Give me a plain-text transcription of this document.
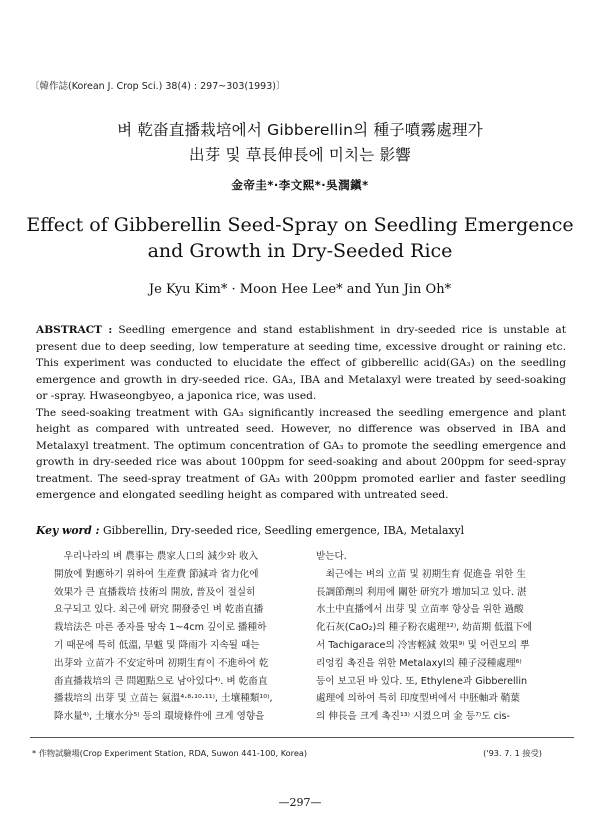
〔韓作誌(Korean J. Crop Sci.) 38(4) : 297~303(1993)〕
벼 乾畓直播栽培에서 Gibberellin의 種子噴霧處理가
出芽 및 草長伸長에 미치는 影響
金帝圭*·李文熙*·吳潤鎭*
Effect of Gibberellin Seed-Spray on Seedling Emergence
and Growth in Dry-Seeded Rice
Je Kyu Kim* · Moon Hee Lee* and Yun Jin Oh*

ABSTRACT : Seedling emergence and stand establishment in dry-seeded rice is unstable at present due to deep seeding, low temperature at seeding time, excessive drought or raining etc. This experiment was conducted to elucidate the effect of gibberellic acid(GA₃) on the seedling emergence and growth in dry-seeded rice. GA₃, IBA and Metalaxyl were treated by seed-soaking or -spray. Hwaseongbyeo, a japonica rice, was used.

The seed-soaking treatment with GA₃ significantly increased the seedling emergence and plant height as compared with untreated seed. However, no difference was observed in IBA and Metalaxyl treatment. The optimum concentration of GA₃ to promote the seedling emergence and growth in dry-seeded rice was about 100ppm for seed-soaking and about 200ppm for seed-spray treatment. The seed-spray treatment of GA₃ with 200ppm promoted earlier and faster seedling emergence and elongated seedling height as compared with untreated seed.

Key word : Gibberellin, Dry-seeded rice, Seedling emergence, IBA, Metalaxyl
　우리나라의 벼 農事는 農家人口의 減少와 收入
開放에 對應하기 위하여 生産費 節減과 省力化에
效果가 큰 直播栽培 技術의 開放, 普及이 절실히
요구되고 있다. 최근에 研究 開發중인 벼 乾畓直播
栽培法은 마른 종자를 땅속 1~4cm 깊이로 播種하
기 때문에 특히 低溫, 旱魃 및 降雨가 지속될 때는
出芽와 立苗가 不安定하며 初期生育이 不進하여 乾
畓直播栽培의 큰 問題點으로 남아있다⁴⁾. 벼 乾畓直
播栽培의 出芽 및 立苗는 氣溫⁴·⁸·¹⁰·¹¹⁾, 土壤種類¹⁰⁾,
降水量⁴⁾, 土壤水分⁵⁾ 등의 環境條件에 크게 영향을
받는다.
　최근에는 벼의 立苗 및 初期生育 促進을 위한 生
長調節劑의 利用에 關한 研究가 增加되고 있다. 湛
水土中直播에서 出芽 및 立苗率 향상을 위한 過酸
化石灰(CaO₂)의 種子粉衣處理¹²⁾, 幼苗期 低溫下에
서 Tachigarace의 冷害輕減 效果⁹⁾ 및 어린모의 뿌
리엉킴 촉진을 위한 Metalaxyl의 種子浸種處理⁶⁾
등이 보고된 바 있다. 또, Ethylene과 Gibberellin
處理에 의하여 특히 印度型벼에서 中胚軸과 鞘葉
의 伸長을 크게 촉진¹³⁾ 시켰으며 金 등⁷⁾도 cis-
* 作物試驗場(Crop Experiment Station, RDA, Suwon 441-100, Korea)	('93. 7. 1 接受)
—297—
